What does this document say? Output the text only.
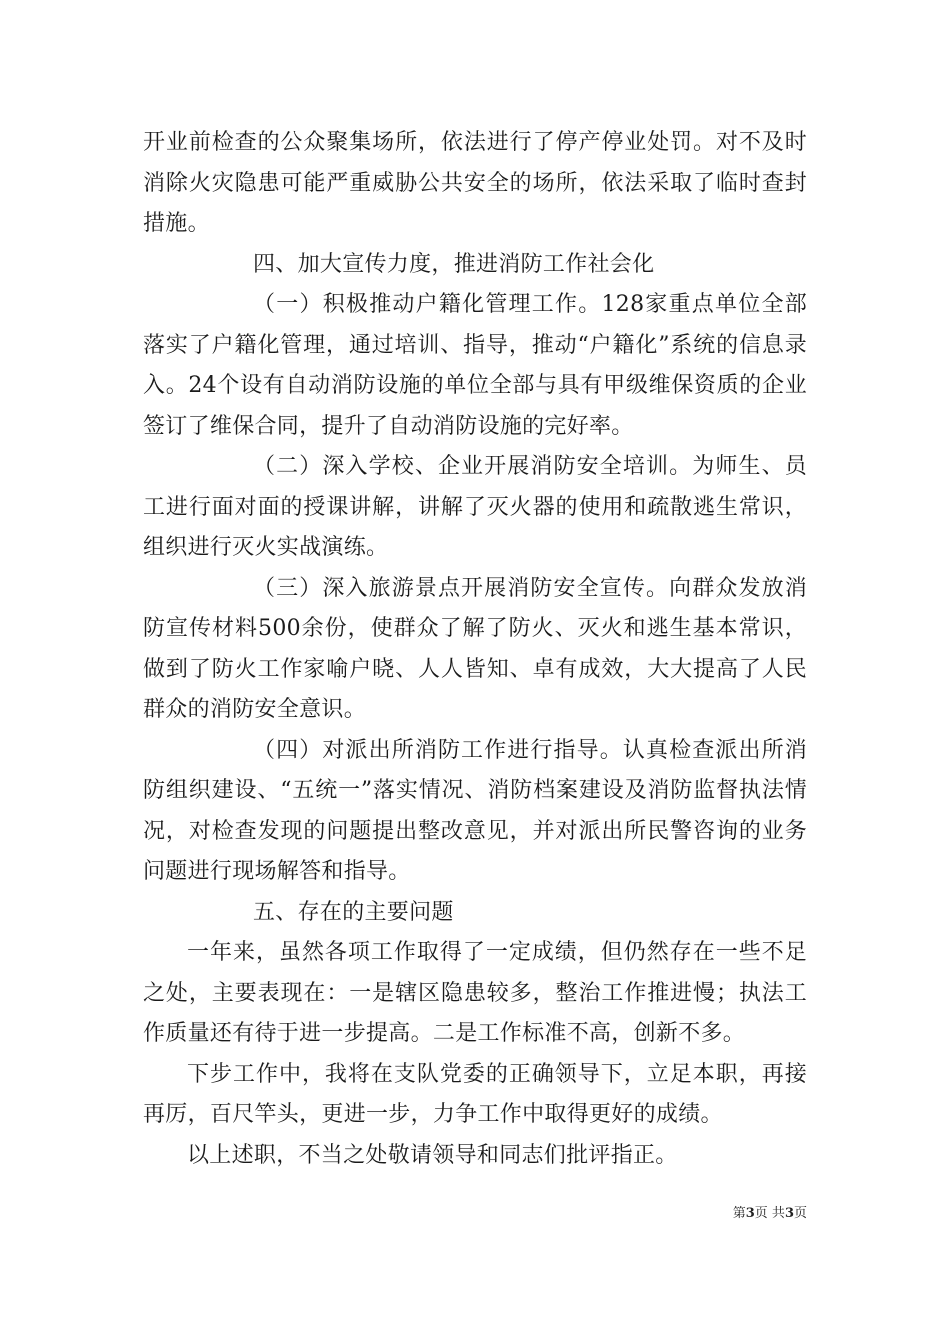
开业前检查的公众聚集场所，依法进行了停产停业处罚。对不及时消除火灾隐患可能严重威胁公共安全的场所，依法采取了临时查封措施。

四、加大宣传力度，推进消防工作社会化

（一）积极推动户籍化管理工作。128家重点单位全部落实了户籍化管理，通过培训、指导，推动“户籍化”系统的信息录入。24个设有自动消防设施的单位全部与具有甲级维保资质的企业签订了维保合同，提升了自动消防设施的完好率。

（二）深入学校、企业开展消防安全培训。为师生、员工进行面对面的授课讲解，讲解了灭火器的使用和疏散逃生常识，组织进行灭火实战演练。

（三）深入旅游景点开展消防安全宣传。向群众发放消防宣传材料500余份，使群众了解了防火、灭火和逃生基本常识，做到了防火工作家喻户晓、人人皆知、卓有成效，大大提高了人民群众的消防安全意识。

（四）对派出所消防工作进行指导。认真检查派出所消防组织建设、“五统一”落实情况、消防档案建设及消防监督执法情况，对检查发现的问题提出整改意见，并对派出所民警咨询的业务问题进行现场解答和指导。

五、存在的主要问题

一年来，虽然各项工作取得了一定成绩，但仍然存在一些不足之处，主要表现在：一是辖区隐患较多，整治工作推进慢；执法工作质量还有待于进一步提高。二是工作标准不高，创新不多。

下步工作中，我将在支队党委的正确领导下，立足本职，再接再厉，百尺竿头，更进一步，力争工作中取得更好的成绩。

以上述职，不当之处敬请领导和同志们批评指正。

第3页 共3页
